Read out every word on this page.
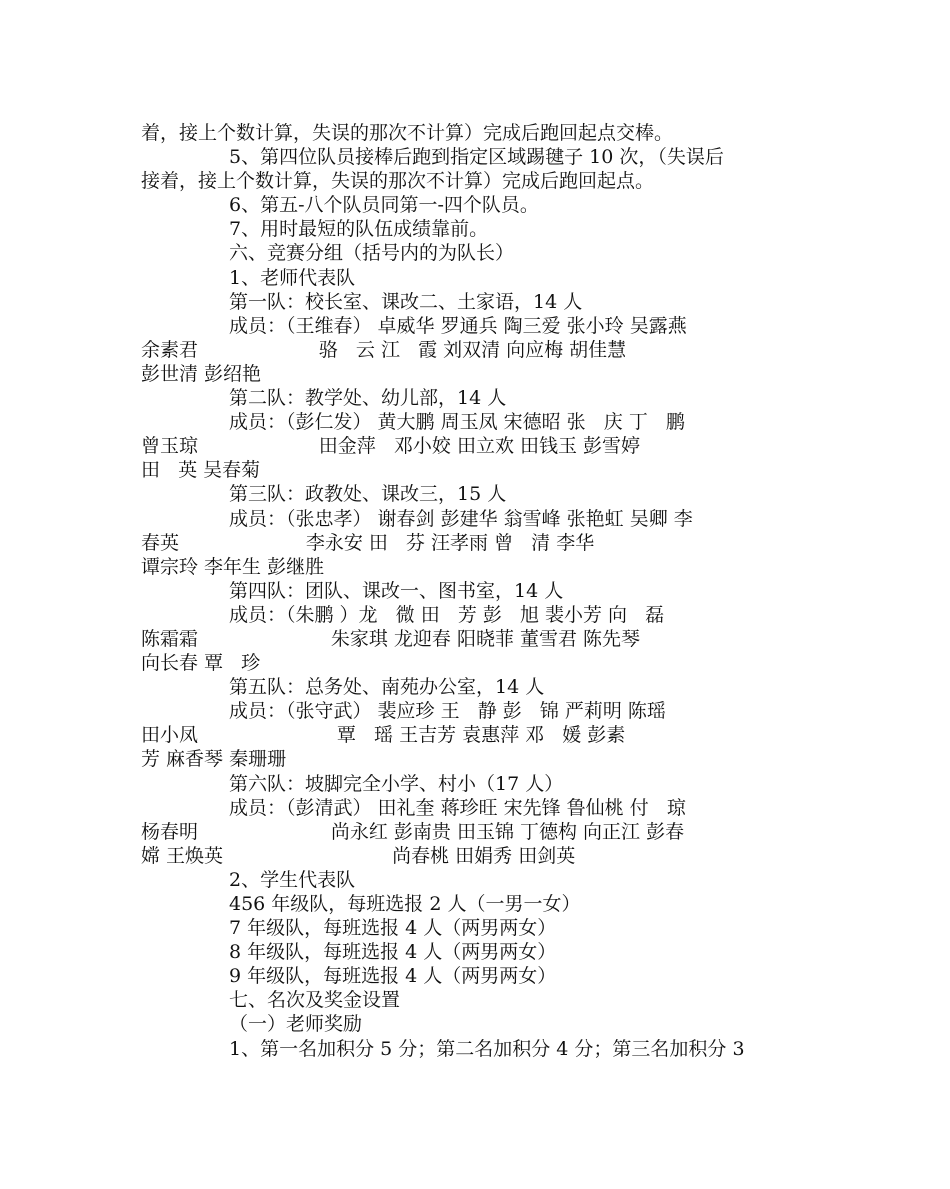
着，接上个数计算，失误的那次不计算）完成后跑回起点交棒。
5、第四位队员接棒后跑到指定区域踢毽子 10 次，（失误后
接着，接上个数计算，失误的那次不计算）完成后跑回起点。
6、第五-八个队员同第一-四个队员。
7、用时最短的队伍成绩靠前。
六、竞赛分组（括号内的为队长）
1、老师代表队
第一队：校长室、课改二、土家语，14 人
成员：（王维春） 卓威华 罗通兵 陶三爱 张小玲 吴露燕
余素君                    骆   云 江   霞 刘双清 向应梅 胡佳慧
彭世清 彭绍艳
第二队：教学处、幼儿部，14 人
成员：（彭仁发） 黄大鹏 周玉凤 宋德昭 张   庆 丁   鹏
曾玉琼                    田金萍   邓小姣 田立欢 田钱玉 彭雪婷
田   英 吴春菊
第三队：政教处、课改三，15 人
成员：（张忠孝） 谢春剑 彭建华 翁雪峰 张艳虹 吴卿 李
春英                     李永安 田   芬 汪孝雨 曾   清 李华
谭宗玲 李年生 彭继胜
第四队：团队、课改一、图书室，14 人
成员：（朱鹏 ）龙   微 田   芳 彭   旭 裴小芳 向   磊
陈霜霜                      朱家琪 龙迎春 阳晓菲 董雪君 陈先琴
向长春 覃   珍
第五队：总务处、南苑办公室，14 人
成员：（张守武） 裴应珍 王   静 彭   锦 严莉明 陈瑶
田小凤                       覃   瑶 王吉芳 袁惠萍 邓   媛 彭素
芳 麻香琴 秦珊珊
第六队：坡脚完全小学、村小（17 人）
成员：（彭清武） 田礼奎 蒋珍旺 宋先锋 鲁仙桃 付   琼
杨春明                      尚永红 彭南贵 田玉锦 丁德构 向正江 彭春
嫦 王焕英                            尚春桃 田娟秀 田剑英
2、学生代表队
456 年级队，每班选报 2 人（一男一女）
7 年级队，每班选报 4 人（两男两女）
8 年级队，每班选报 4 人（两男两女）
9 年级队，每班选报 4 人（两男两女）
七、名次及奖金设置
（一）老师奖励
1、第一名加积分 5 分；第二名加积分 4 分；第三名加积分 3
